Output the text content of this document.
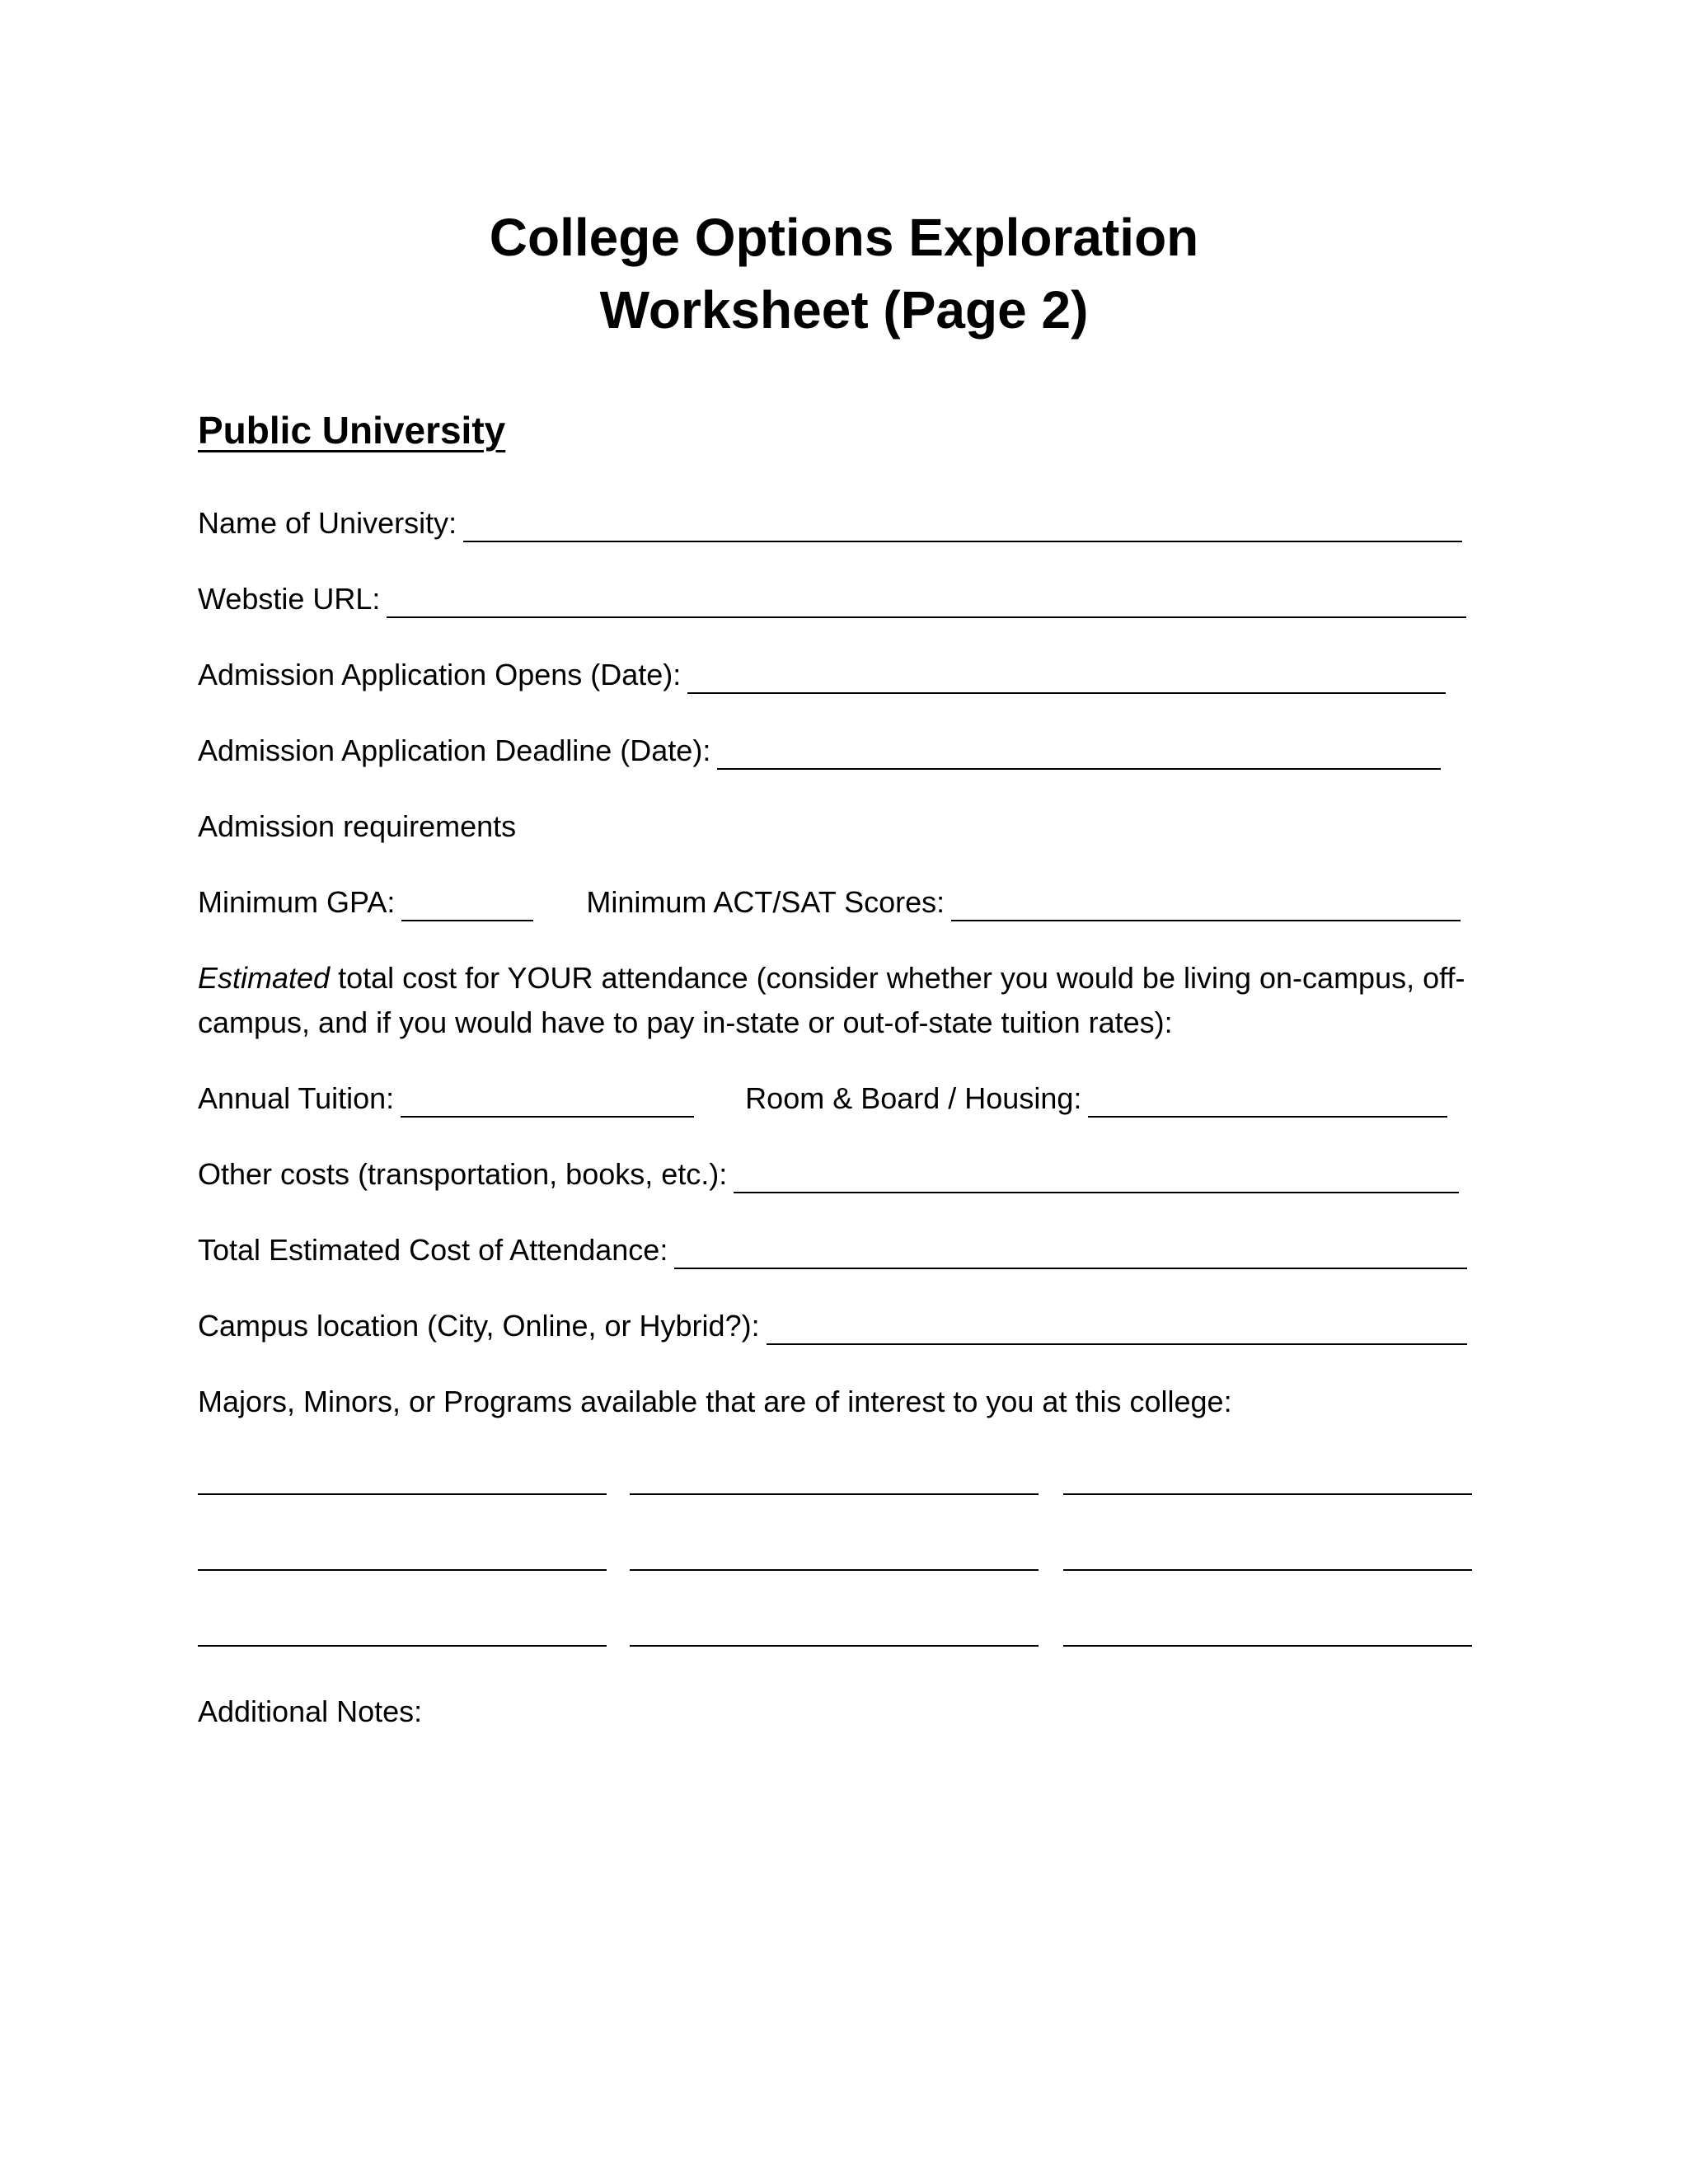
College Options Exploration
Worksheet (Page 2)
Public University
Name of University:
Webstie URL:
Admission Application Opens (Date):
Admission Application Deadline (Date):
Admission requirements
Minimum GPA:	Minimum ACT/SAT Scores:
Estimated total cost for YOUR attendance (consider whether you would be living on-campus, off-campus, and if you would have to pay in-state or out-of-state tuition rates):
Annual Tuition:	Room & Board / Housing:
Other costs (transportation, books, etc.):
Total Estimated Cost of Attendance:
Campus location (City, Online, or Hybrid?):
Majors, Minors, or Programs available that are of interest to you at this college:
Additional Notes:
